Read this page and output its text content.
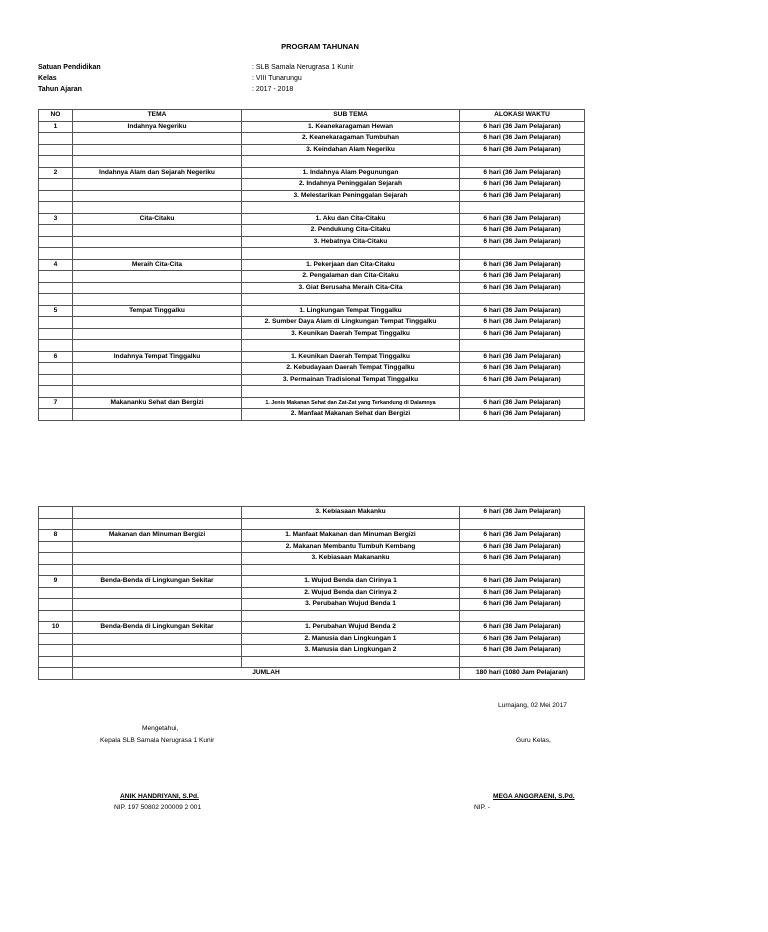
PROGRAM TAHUNAN
Satuan Pendidikan	: SLB Samala Nerugrasa 1 Kunir
Kelas	: VIII Tunarungu
Tahun Ajaran	: 2017 - 2018
NO	TEMA	SUB TEMA	ALOKASI WAKTU
1	Indahnya Negeriku	1. Keanekaragaman Hewan	6 hari (36 Jam Pelajaran)
		2. Keanekaragaman Tumbuhan	6 hari (36 Jam Pelajaran)
		3. Keindahan Alam Negeriku	6 hari (36 Jam Pelajaran)

2	Indahnya Alam dan Sejarah Negeriku	1. Indahnya Alam Pegunungan	6 hari (36 Jam Pelajaran)
		2. Indahnya Peninggalan Sejarah	6 hari (36 Jam Pelajaran)
		3. Melestarikan Peninggalan Sejarah	6 hari (36 Jam Pelajaran)

3	Cita-Citaku	1. Aku dan Cita-Citaku	6 hari (36 Jam Pelajaran)
		2. Pendukung Cita-Citaku	6 hari (36 Jam Pelajaran)
		3. Hebatnya Cita-Citaku	6 hari (36 Jam Pelajaran)

4	Meraih Cita-Cita	1. Pekerjaan dan Cita-Citaku	6 hari (36 Jam Pelajaran)
		2. Pengalaman dan Cita-Citaku	6 hari (36 Jam Pelajaran)
		3. Giat Berusaha Meraih Cita-Cita	6 hari (36 Jam Pelajaran)

5	Tempat Tinggalku	1. Lingkungan Tempat Tinggalku	6 hari (36 Jam Pelajaran)
		2. Sumber Daya Alam di Lingkungan Tempat Tinggalku	6 hari (36 Jam Pelajaran)
		3. Keunikan Daerah Tempat Tinggalku	6 hari (36 Jam Pelajaran)

6	Indahnya Tempat Tinggalku	1. Keunikan Daerah Tempat Tinggalku	6 hari (36 Jam Pelajaran)
		2. Kebudayaan Daerah Tempat Tinggalku	6 hari (36 Jam Pelajaran)
		3. Permainan Tradisional Tempat Tinggalku	6 hari (36 Jam Pelajaran)

7	Makananku Sehat dan Bergizi	1. Jenis Makanan Sehat dan Zat-Zat yang Terkandung di Dalamnya	6 hari (36 Jam Pelajaran)
		2. Manfaat Makanan Sehat dan Bergizi	6 hari (36 Jam Pelajaran)
		3. Kebiasaan Makanku	6 hari (36 Jam Pelajaran)

8	Makanan dan Minuman Bergizi	1. Manfaat Makanan dan Minuman Bergizi	6 hari (36 Jam Pelajaran)
		2. Makanan Membantu Tumbuh Kembang	6 hari (36 Jam Pelajaran)
		3. Kebiasaan Makananku	6 hari (36 Jam Pelajaran)

9	Benda-Benda di Lingkungan Sekitar	1. Wujud Benda dan Cirinya 1	6 hari (36 Jam Pelajaran)
		2. Wujud Benda dan Cirinya 2	6 hari (36 Jam Pelajaran)
		3. Perubahan Wujud Benda 1	6 hari (36 Jam Pelajaran)

10	Benda-Benda di Lingkungan Sekitar	1. Perubahan Wujud Benda 2	6 hari (36 Jam Pelajaran)
		2. Manusia dan Lingkungan 1	6 hari (36 Jam Pelajaran)
		3. Manusia dan Lingkungan 2	6 hari (36 Jam Pelajaran)

	JUMLAH		180 hari (1080 Jam Pelajaran)
Lumajang, 02 Mei 2017
Mengetahui,
Kepala SLB Samala Nerugrasa 1 Kunir	Guru Kelas,
ANIK HANDRIYANI, S.Pd.
NIP. 197 50802 200009 2 001
MEGA ANGGRAENI, S.Pd.
NIP. -
